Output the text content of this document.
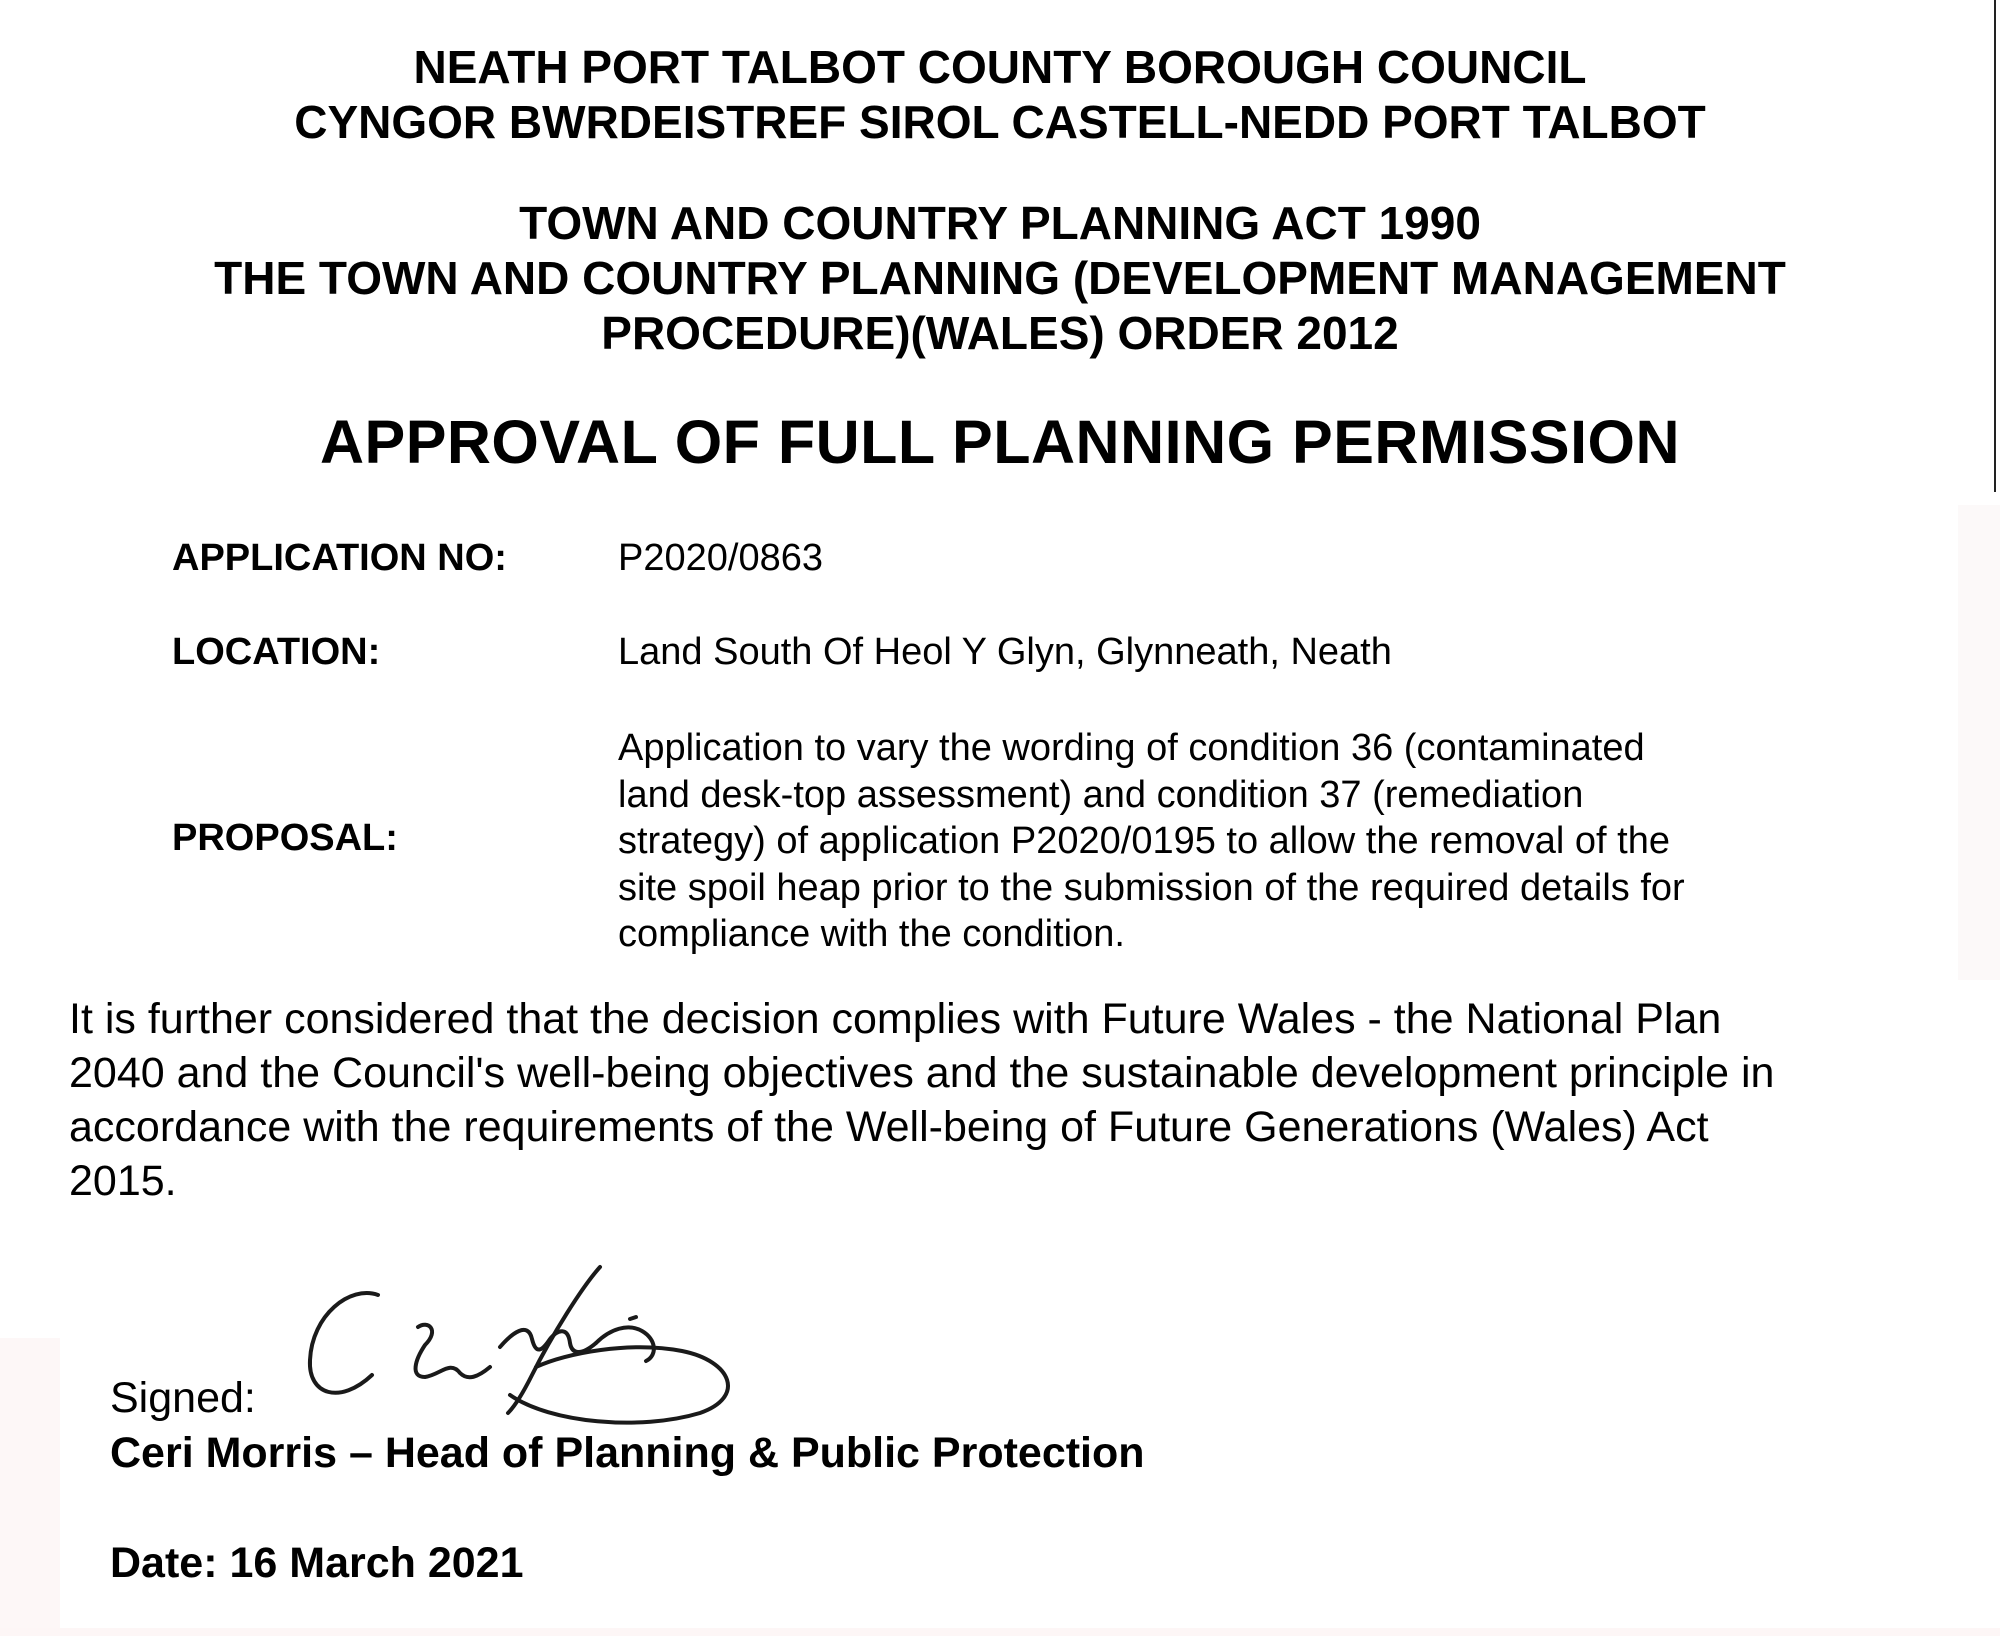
NEATH PORT TALBOT COUNTY BOROUGH COUNCIL
CYNGOR BWRDEISTREF SIROL CASTELL-NEDD PORT TALBOT
TOWN AND COUNTRY PLANNING ACT 1990
THE TOWN AND COUNTRY PLANNING (DEVELOPMENT MANAGEMENT
PROCEDURE)(WALES) ORDER 2012
APPROVAL OF FULL PLANNING PERMISSION
APPLICATION NO:	P2020/0863
LOCATION:	Land South Of Heol Y Glyn, Glynneath, Neath
PROPOSAL:
Application to vary the wording of condition 36 (contaminated
land desk-top assessment) and condition 37 (remediation
strategy) of application P2020/0195 to allow the removal of the
site spoil heap prior to the submission of the required details for
compliance with the condition.
It is further considered that the decision complies with Future Wales - the National Plan
2040 and the Council's well-being objectives and the sustainable development principle in
accordance with the requirements of the Well-being of Future Generations (Wales) Act
2015.
Signed:
Ceri Morris – Head of Planning & Public Protection
Date: 16 March 2021
